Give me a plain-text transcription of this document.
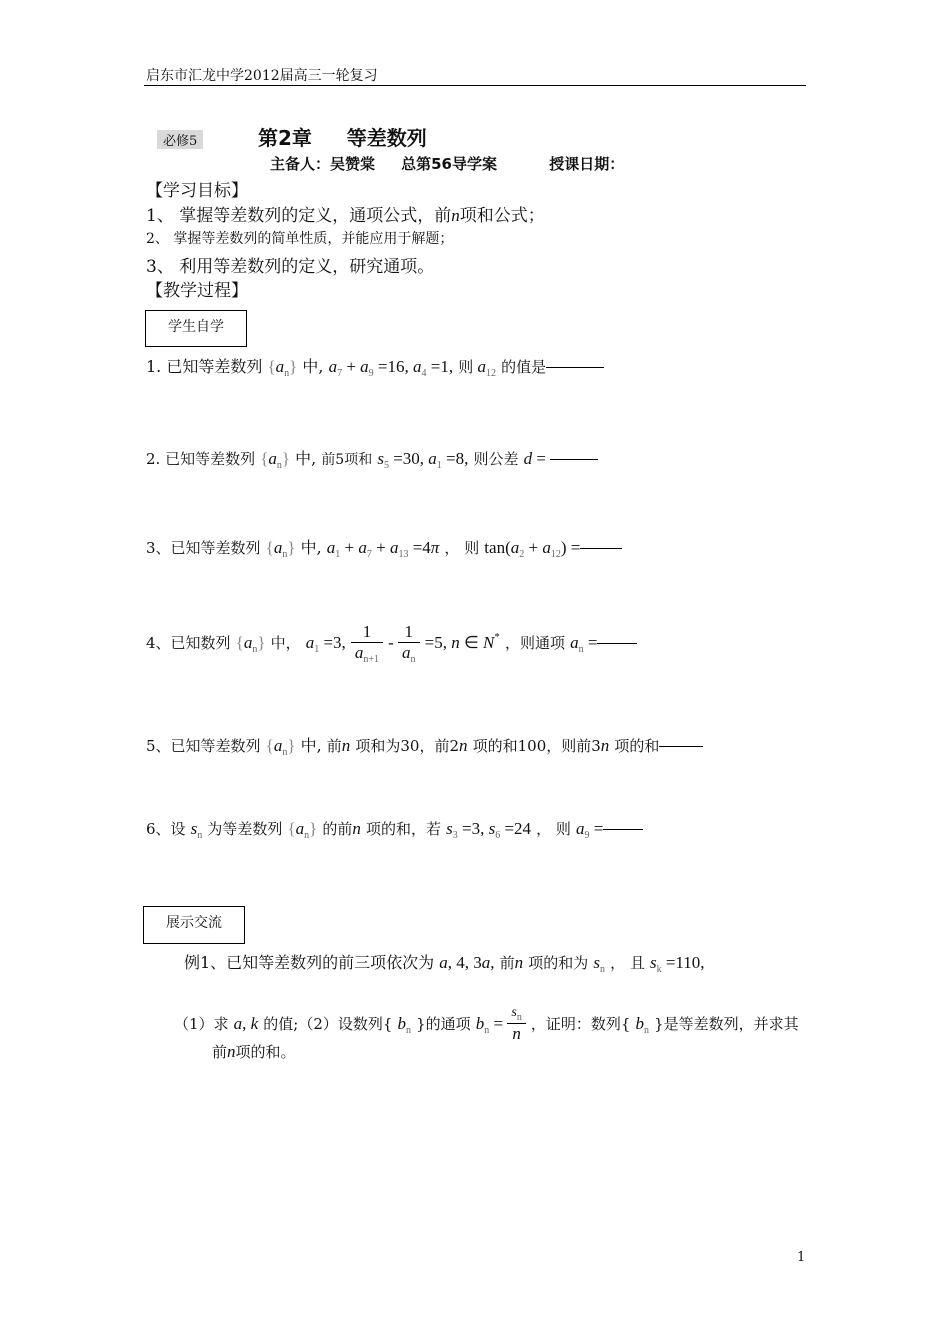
启东市汇龙中学2012届高三一轮复习
必修5	第2章     等差数列
主备人：吴赞棠     总第56导学案          授课日期：
【学习目标】
1、 掌握等差数列的定义，通项公式，前n项和公式；
2、 掌握等差数列的简单性质，并能应用于解题；
3、 利用等差数列的定义，研究通项。
【教学过程】
学生自学
1. 已知等差数列 $\{a_n\}$ 中, $a_7 + a_9 =16$, $a_4 =1$, 则 $a_{12}$ 的值是
2. 已知等差数列 $\{a_n\}$ 中, 前5项和 $s_5 =30$, $a_1 =8$, 则公差 d =
3、已知等差数列 $\{a_n\}$ 中, $a_1 + a_7 + a_{13} =4\pi$ ， 则 $\tan(a_2 + a_{12})$ =
4、已知数列 $\{a_n\}$ 中， $a_1 =3$, $\frac{1}{a_{n+1}} - \frac{1}{a_n} =5$, n ∈ N* ，则通项 $a_n$ =
5、已知等差数列 $\{a_n\}$ 中, 前n 项和为30，前2n 项的和100，则前3n 项的和
6、设 $s_n$ 为等差数列 $\{a_n\}$ 的前n 项的和，若 $s_3 =3$, $s_6 =24$ ， 则 $a_9$ =
展示交流
例1、已知等差数列的前三项依次为 a, 4, 3a, 前n 项的和为 $s_n$ ， 且 $s_k =110$,
（1）求 a, k 的值;（2）设数列{ $b_n$ }的通项 $b_n = \frac{s_n}{n}$ ，证明：数列{ $b_n$ }是等差数列，并求其
前n项的和。
1
